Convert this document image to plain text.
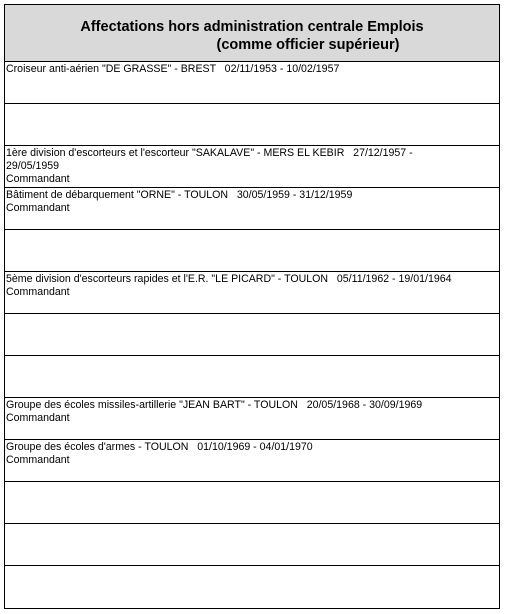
Affectations hors administration centrale Emplois
(comme officier supérieur)
Croiseur anti-aérien "DE GRASSE" - BREST   02/11/1953 - 10/02/1957
1ère division d'escorteurs et l'escorteur "SAKALAVE" - MERS EL KEBIR   27/12/1957 -
29/05/1959
Commandant
Bâtiment de débarquement "ORNE" - TOULON   30/05/1959 - 31/12/1959
Commandant
5ème division d'escorteurs rapides et l'E.R. "LE PICARD" - TOULON   05/11/1962 - 19/01/1964
Commandant
Groupe des écoles missiles-artillerie "JEAN BART" - TOULON   20/05/1968 - 30/09/1969
Commandant
Groupe des écoles d'armes - TOULON   01/10/1969 - 04/01/1970
Commandant
